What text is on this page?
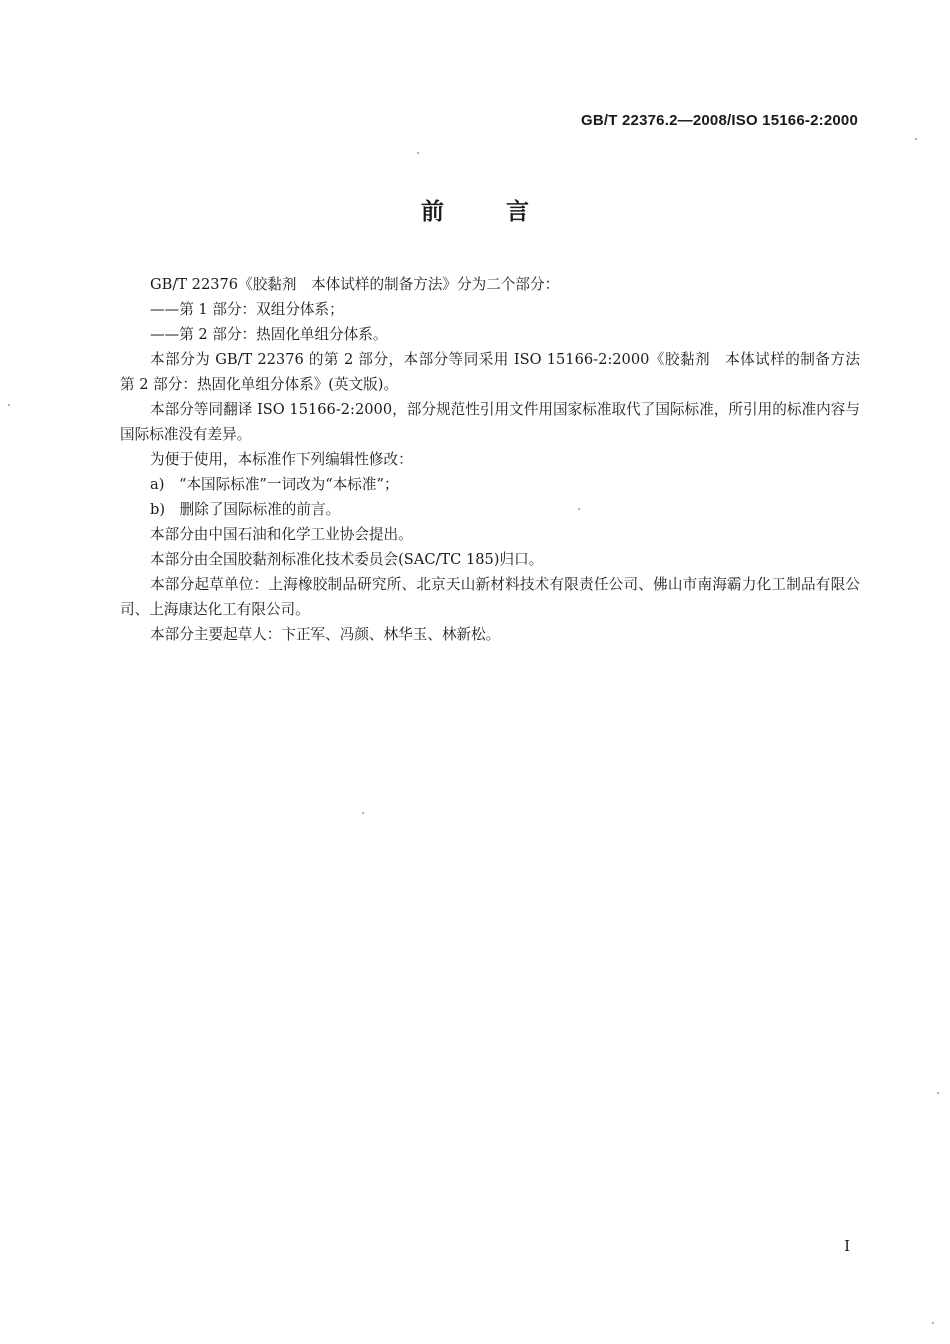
GB/T 22376.2—2008/ISO 15166-2:2000
前言

GB/T 22376《胶黏剂　本体试样的制备方法》分为二个部分：

——第 1 部分：双组分体系；

——第 2 部分：热固化单组分体系。

本部分为 GB/T 22376 的第 2 部分，本部分等同采用 ISO 15166-2:2000《胶黏剂　本体试样的制备方法　第 2 部分：热固化单组分体系》(英文版)。

本部分等同翻译 ISO 15166-2:2000，部分规范性引用文件用国家标准取代了国际标准，所引用的标准内容与国际标准没有差异。

为便于使用，本标准作下列编辑性修改：

a)　“本国际标准”一词改为“本标准”；

b)　删除了国际标准的前言。

本部分由中国石油和化学工业协会提出。

本部分由全国胶黏剂标准化技术委员会(SAC/TC 185)归口。

本部分起草单位：上海橡胶制品研究所、北京天山新材料技术有限责任公司、佛山市南海霸力化工制品有限公司、上海康达化工有限公司。

本部分主要起草人：卞正军、冯颜、林华玉、林新松。

I
